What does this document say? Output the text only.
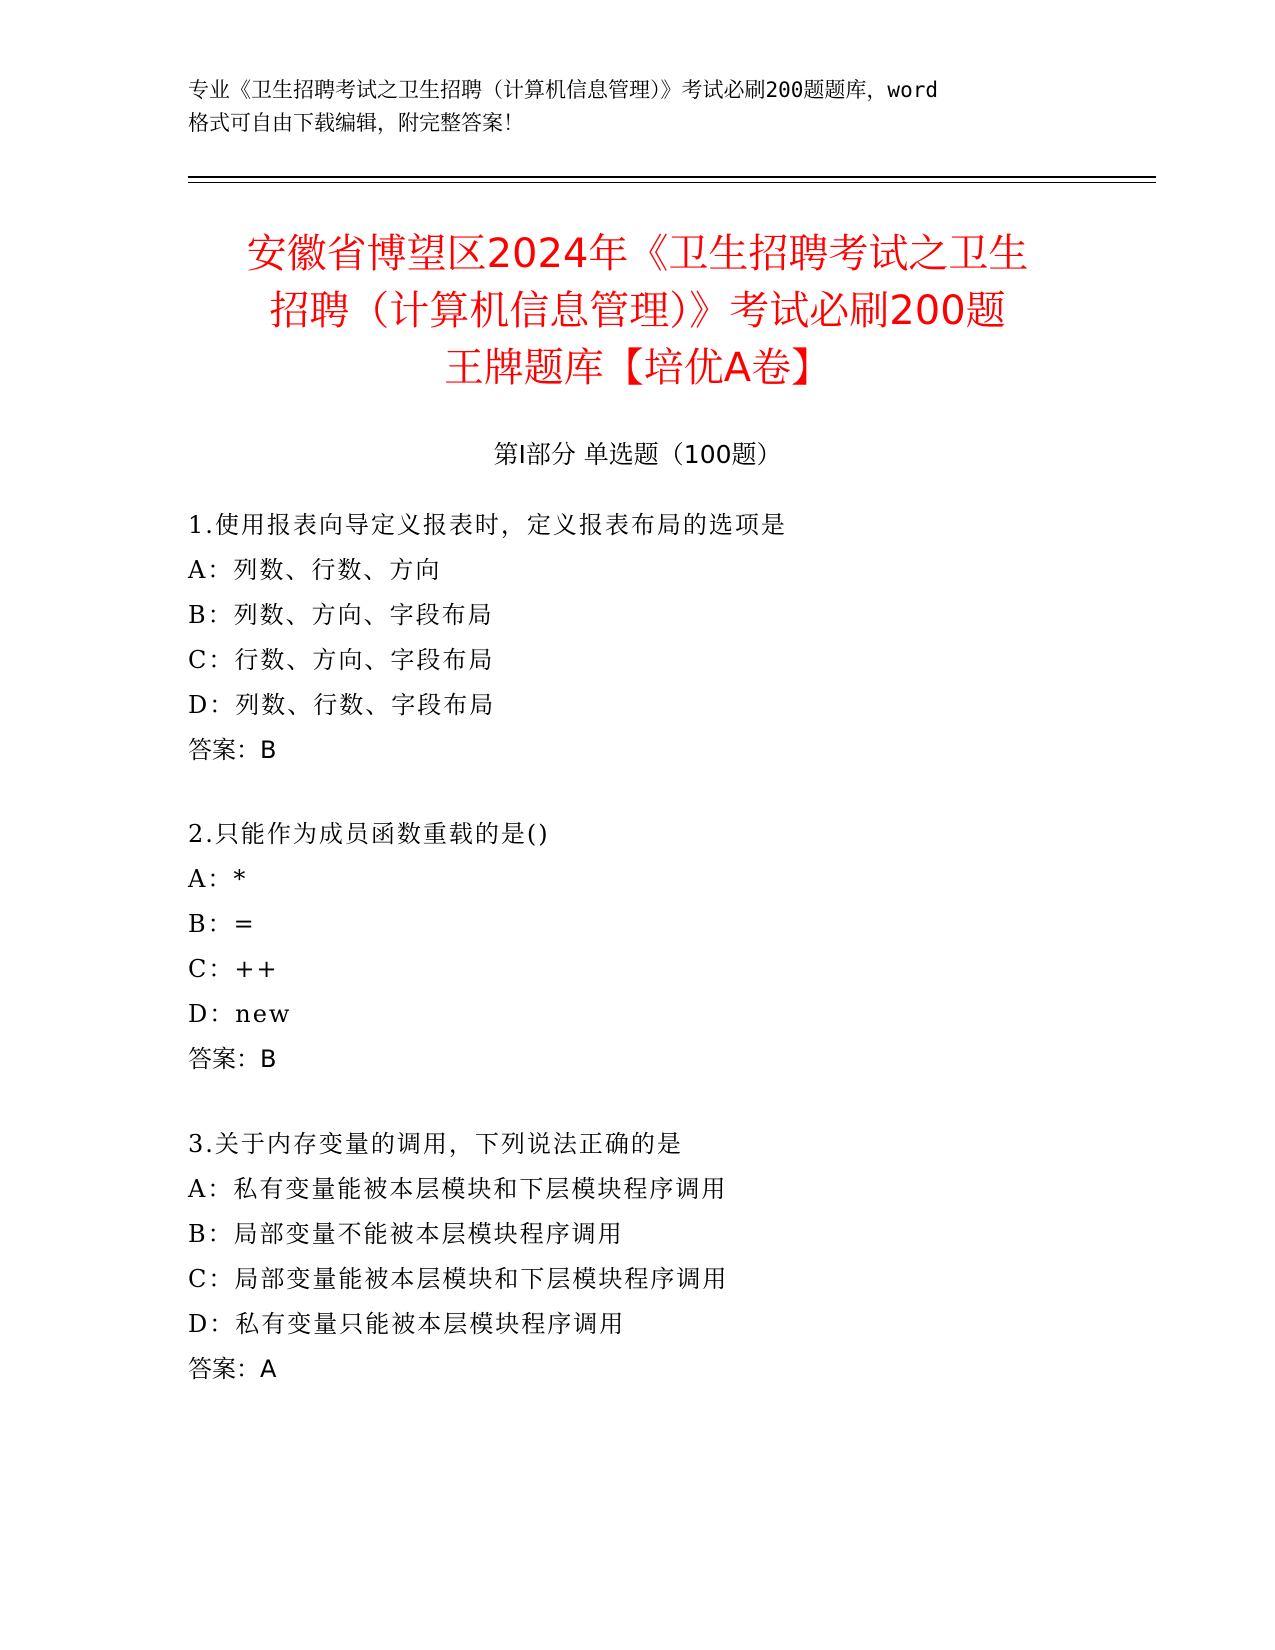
专业《卫生招聘考试之卫生招聘（计算机信息管理）》考试必刷200题题库，word
格式可自由下载编辑，附完整答案！
安徽省博望区2024年《卫生招聘考试之卫生
招聘（计算机信息管理）》考试必刷200题
王牌题库【培优A卷】
第Ⅰ部分 单选题（100题）
1.使用报表向导定义报表时，定义报表布局的选项是
A：列数、行数、方向
B：列数、方向、字段布局
C：行数、方向、字段布局
D：列数、行数、字段布局
答案：B
2.只能作为成员函数重载的是()
A：*
B：=
C：++
D：new
答案：B
3.关于内存变量的调用，下列说法正确的是
A：私有变量能被本层模块和下层模块程序调用
B：局部变量不能被本层模块程序调用
C：局部变量能被本层模块和下层模块程序调用
D：私有变量只能被本层模块程序调用
答案：A
